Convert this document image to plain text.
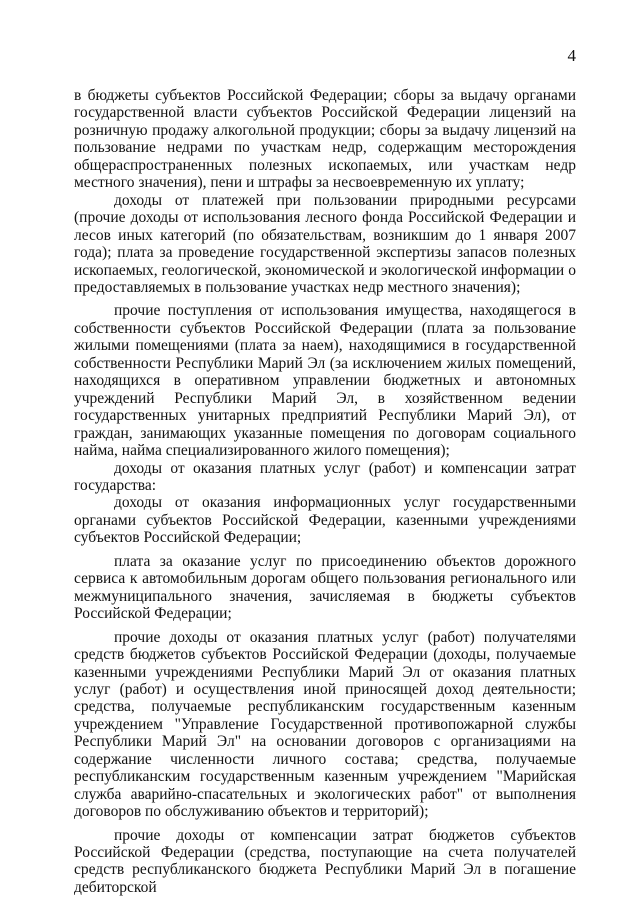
4

в бюджеты субъектов Российской Федерации; сборы за выдачу органами государственной власти субъектов Российской Федерации лицензий на розничную продажу алкогольной продукции; сборы за выдачу лицензий на пользование недрами по участкам недр, содержащим месторождения общераспространенных полезных ископаемых, или участкам недр местного значения), пени и штрафы за несвоевременную их уплату;

доходы от платежей при пользовании природными ресурсами (прочие доходы от использования лесного фонда Российской Федерации и лесов иных категорий (по обязательствам, возникшим до 1 января 2007 года); плата за проведение государственной экспертизы запасов полезных ископаемых, геологической, экономической и экологической информации о предоставляемых в пользование участках недр местного значения);

прочие поступления от использования имущества, находящегося в собственности субъектов Российской Федерации (плата за пользование жилыми помещениями (плата за наем), находящимися в государственной собственности Республики Марий Эл (за исключением жилых помещений, находящихся в оперативном управлении бюджетных и автономных учреждений Республики Марий Эл, в хозяйственном ведении государственных унитарных предприятий Республики Марий Эл), от граждан, занимающих указанные помещения по договорам социального найма, найма специализированного жилого помещения);

доходы от оказания платных услуг (работ) и компенсации затрат государства:

доходы от оказания информационных услуг государственными органами субъектов Российской Федерации, казенными учреждениями субъектов Российской Федерации;

плата за оказание услуг по присоединению объектов дорожного сервиса к автомобильным дорогам общего пользования регионального или межмуниципального значения, зачисляемая в бюджеты субъектов Российской Федерации;

прочие доходы от оказания платных услуг (работ) получателями средств бюджетов субъектов Российской Федерации (доходы, получаемые казенными учреждениями Республики Марий Эл от оказания платных услуг (работ) и осуществления иной приносящей доход деятельности; средства, получаемые республиканским государственным казенным учреждением "Управление Государственной противопожарной службы Республики Марий Эл" на основании договоров с организациями на содержание численности личного состава; средства, получаемые республиканским государственным казенным учреждением "Марийская служба аварийно-спасательных и экологических работ" от выполнения договоров по обслуживанию объектов и территорий);

прочие доходы от компенсации затрат бюджетов субъектов Российской Федерации (средства, поступающие на счета получателей средств республиканского бюджета Республики Марий Эл в погашение дебиторской
